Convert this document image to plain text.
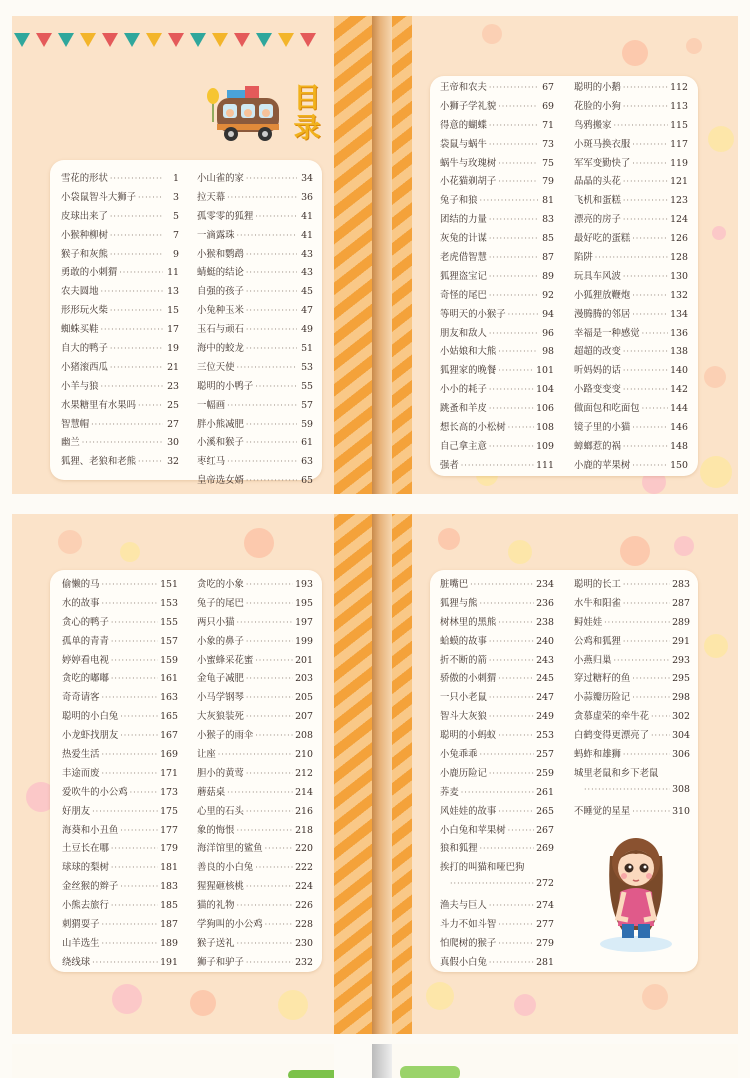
目录
雪花的形状 ·····	1
小袋鼠智斗大狮子 ·····	3
皮球出来了 ·····	5
小猴种柳树 ·····	7
猴子和灰熊 ·····	9
勇敢的小刺猬 ·····	11
农夫圆地 ·····	13
形形玩火柴 ·····	15
蜘蛛买鞋 ·····	17
自大的鸭子 ·····	19
小猪滚西瓜 ·····	21
小羊与狼 ·····	23
水果糖里有水果吗 ·····	25
智慧帽 ·····	27
幽兰 ·····	30
狐狸、老狼和老熊 ·····	32
小山雀的家 ·····	34
拉天幕 ·····	36
孤零零的狐狸 ·····	41
一滴露珠 ·····	41
小猴和鹦鹉 ·····	43
蜻蜓的结论 ·····	43
自强的孩子 ·····	45
小兔种玉米 ·····	47
玉石与顽石 ·····	49
海中的蛟龙 ·····	51
三位天使 ·····	53
聪明的小鸭子 ·····	55
一幅画 ·····	57
胖小熊减肥 ·····	59
小溪和猴子 ·····	61
枣红马 ·····	63
皇帝选女婿 ·····	65
王帝和农夫 ·····	67
小狮子学礼貌 ·····	69
得意的蝴蝶 ·····	71
袋鼠与蜗牛 ·····	73
蜗牛与玫瑰树 ·····	75
小花猫剃胡子 ·····	79
兔子和狼 ·····	81
团结的力量 ·····	83
灰兔的计谋 ·····	85
老虎借智慧 ·····	87
狐狸盗宝记 ·····	89
奇怪的尾巴 ·····	92
等明天的小猴子 ·····	94
朋友和敌人 ·····	96
小姑娘和大熊 ·····	98
狐狸家的晚餐 ·····	101
小小的耗子 ·····	104
跳蚤和羊皮 ·····	106
想长高的小松树 ·····	108
自己拿主意 ·····	109
强者 ·····	111
聪明的小鹅 ·····	112
花脸的小狗 ·····	113
鸟鸦搬家 ·····	115
小斑马换衣服 ·····	117
军军变勤快了 ·····	119
晶晶的头花 ·····	121
飞机和蛋糕 ·····	123
漂亮的房子 ·····	124
最好吃的蛋糕 ·····	126
陷阱 ·····	128
玩具车风波 ·····	130
小狐狸放鞭炮 ·····	132
漫腾腾的邻居 ·····	134
幸福是一种感觉 ·····	136
超超的改变 ·····	138
听妈妈的话 ·····	140
小路变变变 ·····	142
做面包和吃面包 ·····	144
镜子里的小猫 ·····	146
蟑螂惹的祸 ·····	148
小鹿的苹果树 ·····	150
偷懒的马 ·····	151
水的故事 ·····	153
贪心的鸭子 ·····	155
孤单的青青 ·····	157
婷婷看电视 ·····	159
贪吃的嘟嘟 ·····	161
奇奇请客 ·····	163
聪明的小白兔 ·····	165
小龙虾找朋友 ·····	167
热爱生活 ·····	169
丰途而废 ·····	171
爱吹牛的小公鸡 ·····	173
好朋友 ·····	175
海葵和小丑鱼 ·····	177
土豆长在哪 ·····	179
球球的梨树 ·····	181
金丝猴的辫子 ·····	183
小熊去旅行 ·····	185
刺猬耍子 ·····	187
山羊选生 ·····	189
绕线球 ·····	191
贪吃的小象 ·····	193
兔子的尾巴 ·····	195
两只小猫 ·····	197
小象的鼻子 ·····	199
小蜜蜂采花蜜 ·····	201
金龟子减肥 ·····	203
小马学钢琴 ·····	205
大灰狼装死 ·····	207
小猴子的雨伞 ·····	208
让座 ·····	210
胆小的黄莺 ·····	212
蘑菇桌 ·····	214
心里的石头 ·····	216
象的悔恨 ·····	218
海洋馆里的鲨鱼 ·····	220
善良的小白兔 ·····	222
猩猩砸核桃 ·····	224
猫的礼物 ·····	226
学狗叫的小公鸡 ·····	228
猴子送礼 ·····	230
狮子和驴子 ·····	232
脏嘴巴 ·····	234
狐狸与熊 ·····	236
树林里的黑熊 ·····	238
蛤蟆的故事 ·····	240
折不断的箭 ·····	243
骄傲的小刺猬 ·····	245
一只小老鼠 ·····	247
智斗大灰狼 ·····	249
聪明的小蚂蚁 ·····	253
小兔乖乖 ·····	257
小鹿历险记 ·····	259
荞麦 ·····	261
风娃娃的故事 ·····	265
小白兔和苹果树 ·····	267
狼和狐狸 ·····	269
挨打的叫猫和哑巴狗
·····
272
渔夫与巨人 ·····	274
斗力不如斗智 ·····	277
怕爬树的猴子 ·····	279
真假小白兔 ·····	281
聪明的长工 ·····	283
水牛和阳雀 ·····	287
鲟娃娃 ·····	289
公鸡和狐狸 ·····	291
小燕归巢 ·····	293
穿过糖籽的鱼 ·····	295
小蒜瓣历险记 ·····	298
贪慕虚荣的牵牛花 ····· 302
白鹤变得更漂亮了 ····· 304
蚂蚱和雄狮 ·····	306
城里老鼠和乡下老鼠
·····
308
不睡觉的星星 ·····	310
